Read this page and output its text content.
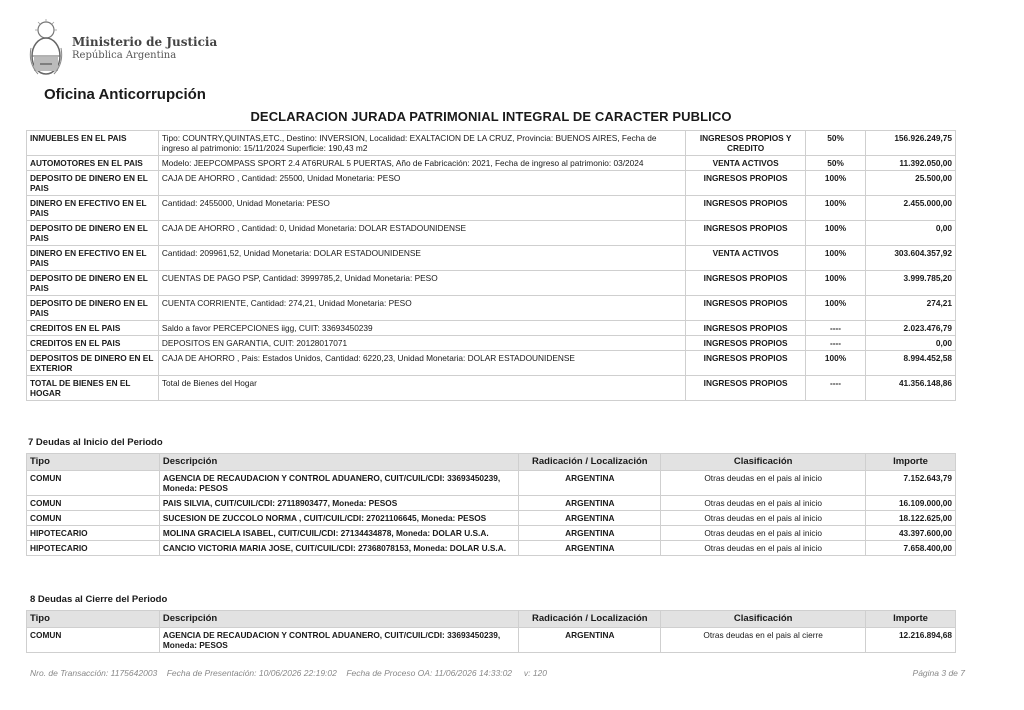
Ministerio de Justicia
República Argentina
Oficina Anticorrupción
DECLARACION JURADA PATRIMONIAL INTEGRAL DE CARACTER PUBLICO
INMUEBLES EN EL PAIS	Tipo: COUNTRY,QUINTAS,ETC., Destino: INVERSION, Localidad: EXALTACION DE LA CRUZ, Provincia: BUENOS AIRES, Fecha de ingreso al patrimonio: 15/11/2024 Superficie: 190,43 m2	INGRESOS PROPIOS Y CREDITO	50%	156.926.249,75
AUTOMOTORES EN EL PAIS	Modelo: JEEPCOMPASS SPORT 2.4 AT6RURAL 5 PUERTAS, Año de Fabricación: 2021, Fecha de ingreso al patrimonio: 03/2024	VENTA ACTIVOS	50%	11.392.050,00
DEPOSITO DE DINERO EN EL PAIS	CAJA DE AHORRO , Cantidad: 25500, Unidad Monetaria: PESO	INGRESOS PROPIOS	100%	25.500,00
DINERO EN EFECTIVO EN EL PAIS	Cantidad: 2455000, Unidad Monetaria: PESO	INGRESOS PROPIOS	100%	2.455.000,00
DEPOSITO DE DINERO EN EL PAIS	CAJA DE AHORRO , Cantidad: 0, Unidad Monetaria: DOLAR ESTADOUNIDENSE	INGRESOS PROPIOS	100%	0,00
DINERO EN EFECTIVO EN EL PAIS	Cantidad: 209961,52, Unidad Monetaria: DOLAR ESTADOUNIDENSE	VENTA ACTIVOS	100%	303.604.357,92
DEPOSITO DE DINERO EN EL PAIS	CUENTAS DE PAGO PSP, Cantidad: 3999785,2, Unidad Monetaria: PESO	INGRESOS PROPIOS	100%	3.999.785,20
DEPOSITO DE DINERO EN EL PAIS	CUENTA CORRIENTE, Cantidad: 274,21, Unidad Monetaria: PESO	INGRESOS PROPIOS	100%	274,21
CREDITOS EN EL PAIS	Saldo a favor PERCEPCIONES iigg, CUIT: 33693450239	INGRESOS PROPIOS	----	2.023.476,79
CREDITOS EN EL PAIS	DEPOSITOS EN GARANTIA, CUIT: 20128017071	INGRESOS PROPIOS	----	0,00
DEPOSITOS DE DINERO EN EL EXTERIOR	CAJA DE AHORRO , Pais: Estados Unidos, Cantidad: 6220,23, Unidad Monetaria: DOLAR ESTADOUNIDENSE	INGRESOS PROPIOS	100%	8.994.452,58
TOTAL DE BIENES EN EL HOGAR	Total de Bienes del Hogar	INGRESOS PROPIOS	----	41.356.148,86
7 Deudas al Inicio del Periodo
Tipo	Descripción	Radicación / Localización	Clasificación	Importe
COMUN	AGENCIA DE RECAUDACION Y CONTROL ADUANERO, CUIT/CUIL/CDI: 33693450239, Moneda: PESOS	ARGENTINA	Otras deudas en el pais al inicio	7.152.643,79
COMUN	PAIS SILVIA, CUIT/CUIL/CDI: 27118903477, Moneda: PESOS	ARGENTINA	Otras deudas en el pais al inicio	16.109.000,00
COMUN	SUCESION DE ZUCCOLO NORMA , CUIT/CUIL/CDI: 27021106645, Moneda: PESOS	ARGENTINA	Otras deudas en el pais al inicio	18.122.625,00
HIPOTECARIO	MOLINA GRACIELA ISABEL, CUIT/CUIL/CDI: 27134434878, Moneda: DOLAR U.S.A.	ARGENTINA	Otras deudas en el pais al inicio	43.397.600,00
HIPOTECARIO	CANCIO VICTORIA MARIA JOSE, CUIT/CUIL/CDI: 27368078153, Moneda: DOLAR U.S.A.	ARGENTINA	Otras deudas en el pais al inicio	7.658.400,00
8 Deudas al Cierre del Periodo
Tipo	Descripción	Radicación / Localización	Clasificación	Importe
COMUN	AGENCIA DE RECAUDACION Y CONTROL ADUANERO, CUIT/CUIL/CDI: 33693450239, Moneda: PESOS	ARGENTINA	Otras deudas en el pais al cierre	12.216.894,68
Nro. de Transacción: 1175642003 Fecha de Presentación: 10/06/2026 22:19:02 Fecha de Proceso OA: 11/06/2026 14:33:02 v: 120	Página 3 de 7
